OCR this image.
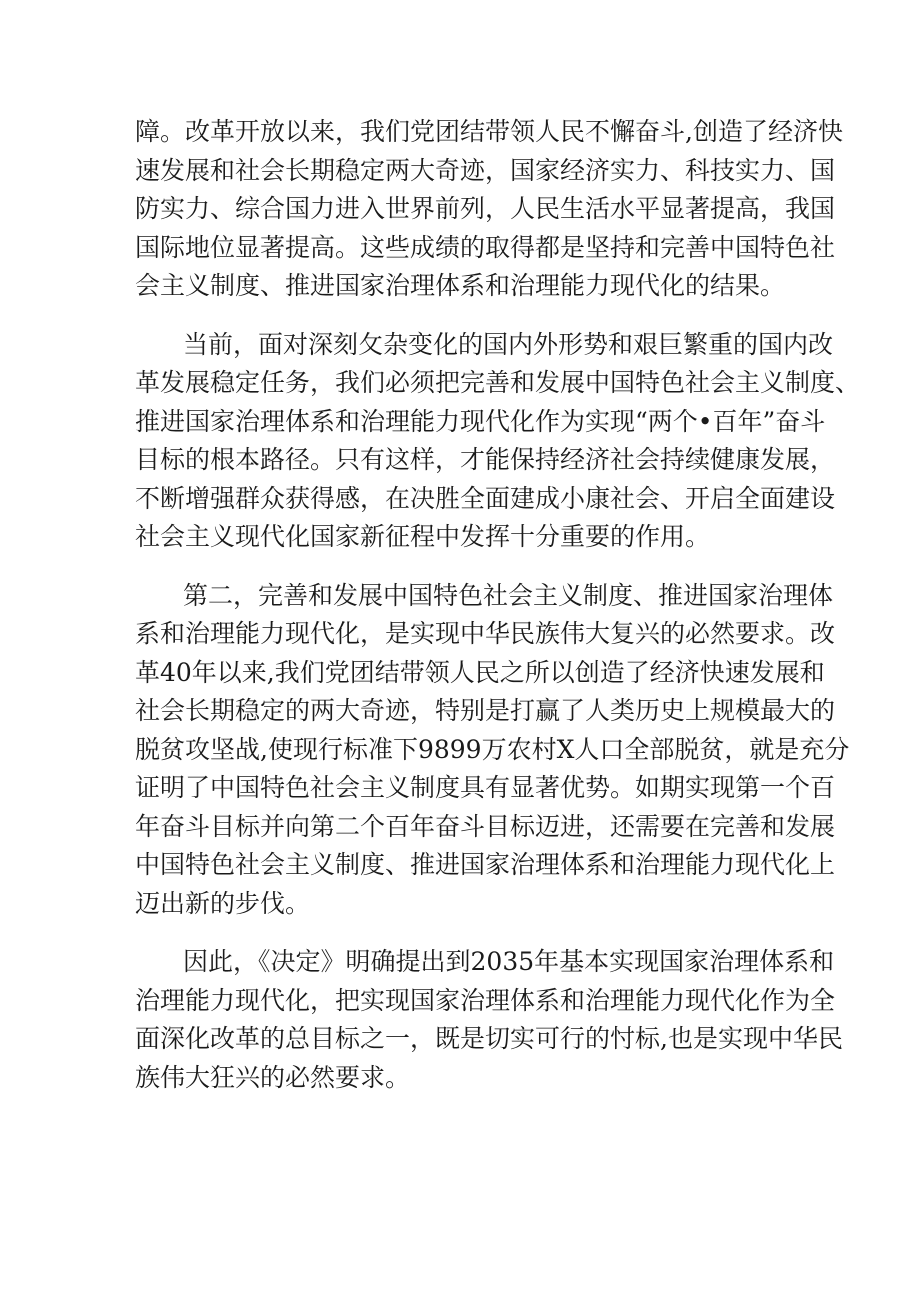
障。改革开放以来，我们党团结带领人民不懈奋斗,创造了经济快
速发展和社会长期稳定两大奇迹，国家经济实力、科技实力、国
防实力、综合国力进入世界前列，人民生活水平显著提高，我国
国际地位显著提高。这些成绩的取得都是坚持和完善中国特色社
会主义制度、推进国家治理体系和治理能力现代化的结果。
当前，面对深刻攵杂变化的国内外形势和艰巨繁重的国内改
革发展稳定任务，我们必须把完善和发展中国特色社会主义制度、
推进国家治理体系和治理能力现代化作为实现“两个•百年”奋斗
目标的根本路径。只有这样，才能保持经济社会持续健康发展，
不断增强群众获得感，在决胜全面建成小康社会、开启全面建设
社会主义现代化国家新征程中发挥十分重要的作用。
第二，完善和发展中国特色社会主义制度、推进国家治理体
系和治理能力现代化，是实现中华民族伟大复兴的必然要求。改
革40年以来,我们党团结带领人民之所以创造了经济快速发展和
社会长期稳定的两大奇迹，特别是打赢了人类历史上规模最大的
脱贫攻坚战,使现行标准下9899万农村X人口全部脱贫，就是充分
证明了中国特色社会主义制度具有显著优势。如期实现第一个百
年奋斗目标并向第二个百年奋斗目标迈进，还需要在完善和发展
中国特色社会主义制度、推进国家治理体系和治理能力现代化上
迈出新的步伐。
因此，《决定》明确提出到2035年基本实现国家治理体系和
治理能力现代化，把实现国家治理体系和治理能力现代化作为全
面深化改革的总目标之一，既是切实可行的忖标,也是实现中华民
族伟大狂兴的必然要求。
